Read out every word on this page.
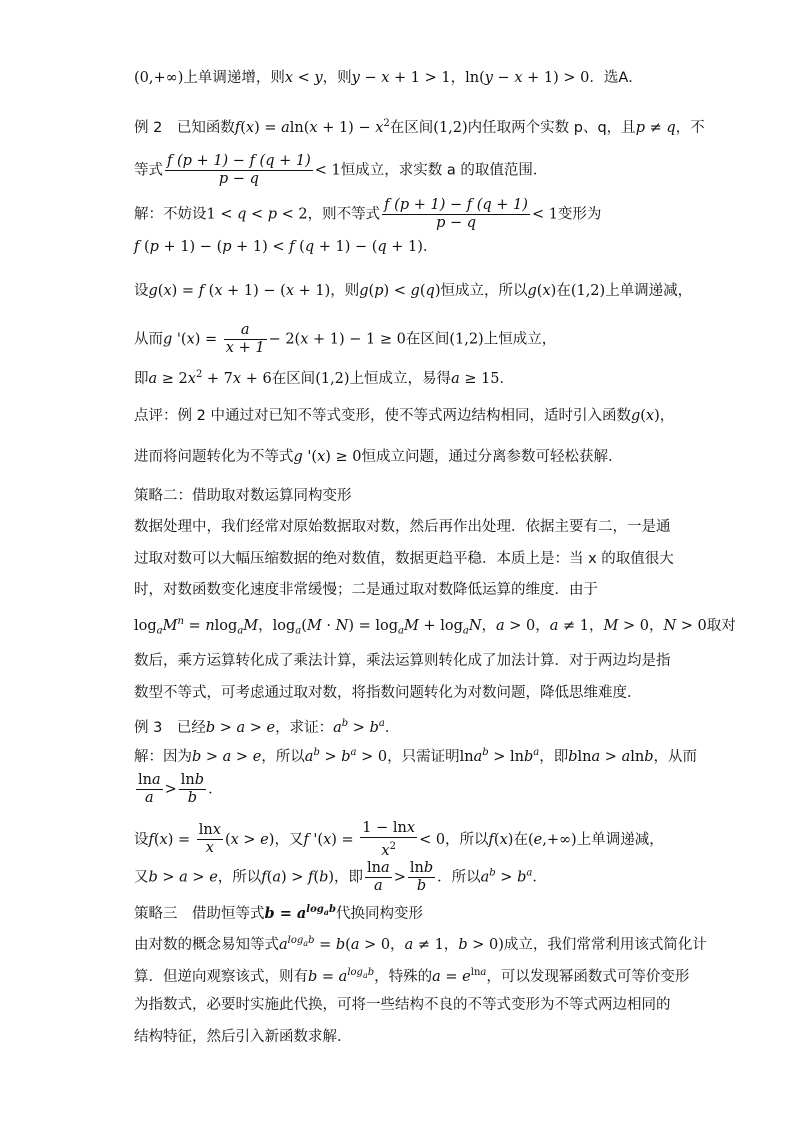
(0,+∞)上单调递增，则x < y，则y − x + 1 > 1，ln(y − x + 1) > 0．选A．
例 2　已知函数$f(x) = aln(x + 1) - x^2$在区间(1,2)内任取两个实数 p、q，且p ≠ q，不
等式 $\frac{f (p + 1) - f (q + 1)}{p - q} < 1$恒成立，求实数 a 的取值范围．
解：不妨设1 < q < p < 2，则不等式 $\frac{f (p + 1) - f (q + 1)}{p - q} < 1$变形为
f (p + 1) − (p + 1) < f (q + 1) − (q + 1)．
设g(x) = f (x + 1) − (x + 1)，则g(p) < g(q)恒成立，所以g(x)在(1,2)上单调递减，
从而g '$(x) = \frac{a}{x + 1} - 2(x + 1) - 1 \ge 0$在区间(1,2)上恒成立，
即$a \ge 2x^2 + 7x + 6$在区间(1,2)上恒成立，易得a ≥ 15．
点评：例 2 中通过对已知不等式变形，使不等式两边结构相同，适时引入函数g(x)，
进而将问题转化为不等式g '(x) ≥ 0恒成立问题，通过分离参数可轻松获解．
策略二：借助取对数运算同构变形
数据处理中，我们经常对原始数据取对数，然后再作出处理．依据主要有二，一是通
过取对数可以大幅压缩数据的绝对数值，数据更趋平稳．本质上是：当 x 的取值很大
时，对数函数变化速度非常缓慢；二是通过取对数降低运算的维度．由于
$\log_aM^n = nlog_aM$，$\log_a(M \cdot N) = \log_aM + \log_aN$，a > 0，a ≠ 1，M > 0，N > 0取对
数后，乘方运算转化成了乘法计算，乘法运算则转化成了加法计算．对于两边均是指
数型不等式，可考虑通过取对数，将指数问题转化为对数问题，降低思维难度．
例 3　已经b > a > e，求证：$a^b > b^a$．
解：因为b > a > e，所以$a^b > b^a > 0$，只需证明lna$^b$ > lnb$^a$，即blna > alnb，从而
$\frac{\ln a}{a} > \frac{\ln b}{b}$ ．
设$f(x) = \frac{\ln x}{x} (x > e)$，又f '$(x) = \frac{1 - \ln x}{x^2} < 0$，所以f(x)在(e,+∞)上单调递减，
又b > a > e，所以f(a) > f(b)，即 $\frac{\ln a}{a} > \frac{\ln b}{b}$ ．所以$a^b > b^a$．
策略三　借助恒等式$b = a^{log_ab}$代换同构变形
由对数的概念易知等式$a^{log_ab} = b(a > 0$，a ≠ 1，b > 0)成立，我们常常利用该式简化计
算．但逆向观察该式，则有$b = a^{log_ab}$，特殊的$a = e^{lna}$，可以发现幂函数式可等价变形
为指数式，必要时实施此代换，可将一些结构不良的不等式变形为不等式两边相同的
结构特征，然后引入新函数求解．
